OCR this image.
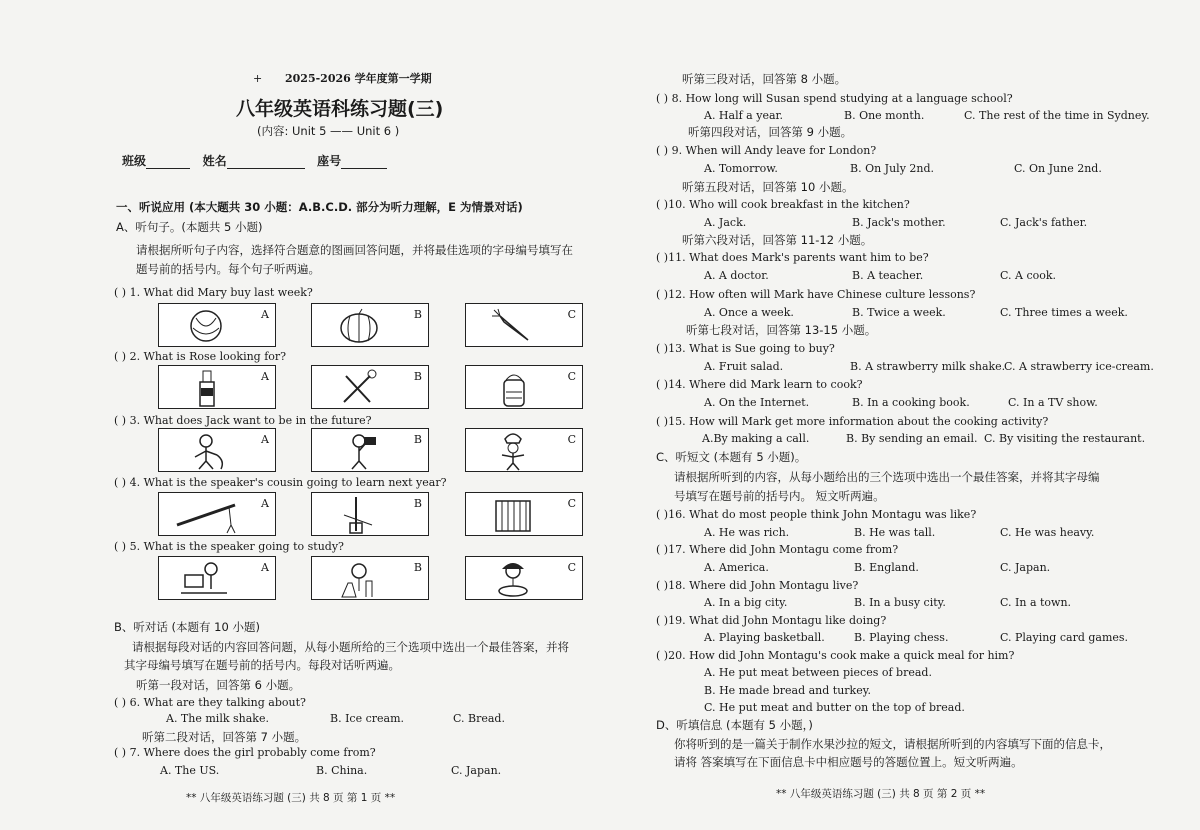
+ 2025-2026 学年度第一学期
八年级英语科练习题(三)
(内容: Unit 5 —— Unit 6 )
班级	姓名	座号
一、听说应用 (本大题共 30 小题：A.B.C.D. 部分为听力理解，E 为情景对话)
A、听句子。(本题共 5 小题)
请根据所听句子内容，选择符合题意的图画回答问题，并将最佳选项的字母编号填写在
题号前的括号内。每个句子听两遍。
( ) 1. What did Mary buy last week?
A	B	C
( ) 2. What is Rose looking for?
A	B	C
( ) 3. What does Jack want to be in the future?
A	B	C
( ) 4. What is the speaker's cousin going to learn next year?
A	B	C
( ) 5. What is the speaker going to study?
A	B	C
B、听对话 (本题有 10 小题)
请根据每段对话的内容回答问题，从每小题所给的三个选项中选出一个最佳答案，并将
其字母编号填写在题号前的括号内。每段对话听两遍。
听第一段对话，回答第 6 小题。
( ) 6. What are they talking about?
A. The milk shake.	B. Ice cream.	C. Bread.
听第二段对话，回答第 7 小题。
( ) 7. Where does the girl probably come from?
A. The US.	B. China.	C. Japan.
** 八年级英语练习题 (三) 共 8 页 第 1 页 **
听第三段对话，回答第 8 小题。
( ) 8. How long will Susan spend studying at a language school?
A. Half a year.	B. One month.	C. The rest of the time in Sydney.
听第四段对话，回答第 9 小题。
( ) 9. When will Andy leave for London?
A. Tomorrow.	B. On July 2nd.	C. On June 2nd.
听第五段对话，回答第 10 小题。
( )10. Who will cook breakfast in the kitchen?
A. Jack.	B. Jack's mother.	C. Jack's father.
听第六段对话，回答第 11-12 小题。
( )11. What does Mark's parents want him to be?
A. A doctor.	B. A teacher.	C. A cook.
( )12. How often will Mark have Chinese culture lessons?
A. Once a week.	B. Twice a week.	C. Three times a week.
听第七段对话，回答第 13-15 小题。
( )13. What is Sue going to buy?
A. Fruit salad.	B. A strawberry milk shake.
C. A strawberry ice-cream.
( )14. Where did Mark learn to cook?
A. On the Internet.	B. In a cooking book.	C. In a TV show.
( )15. How will Mark get more information about the cooking activity?
A.By making a call.	B. By sending an email. C. By visiting the restaurant.
C、听短文 (本题有 5 小题)。
请根据所听到的内容，从每小题给出的三个选项中选出一个最佳答案，并将其字母编
号填写在题号前的括号内。 短文听两遍。
( )16. What do most people think John Montagu was like?
A. He was rich.	B. He was tall.	C. He was heavy.
( )17. Where did John Montagu come from?
A. America.	B. England.	C. Japan.
( )18. Where did John Montagu live?
A. In a big city.	B. In a busy city.	C. In a town.
( )19. What did John Montagu like doing?
A. Playing basketball.	B. Playing chess.	C. Playing card games.
( )20. How did John Montagu's cook make a quick meal for him?
A. He put meat between pieces of bread.
B. He made bread and turkey.
C. He put meat and butter on the top of bread.
D、听填信息 (本题有 5 小题，)
你将听到的是一篇关于制作水果沙拉的短文，请根据所听到的内容填写下面的信息卡，
请将 答案填写在下面信息卡中相应题号的答题位置上。短文听两遍。
** 八年级英语练习题 (三) 共 8 页 第 2 页 **
